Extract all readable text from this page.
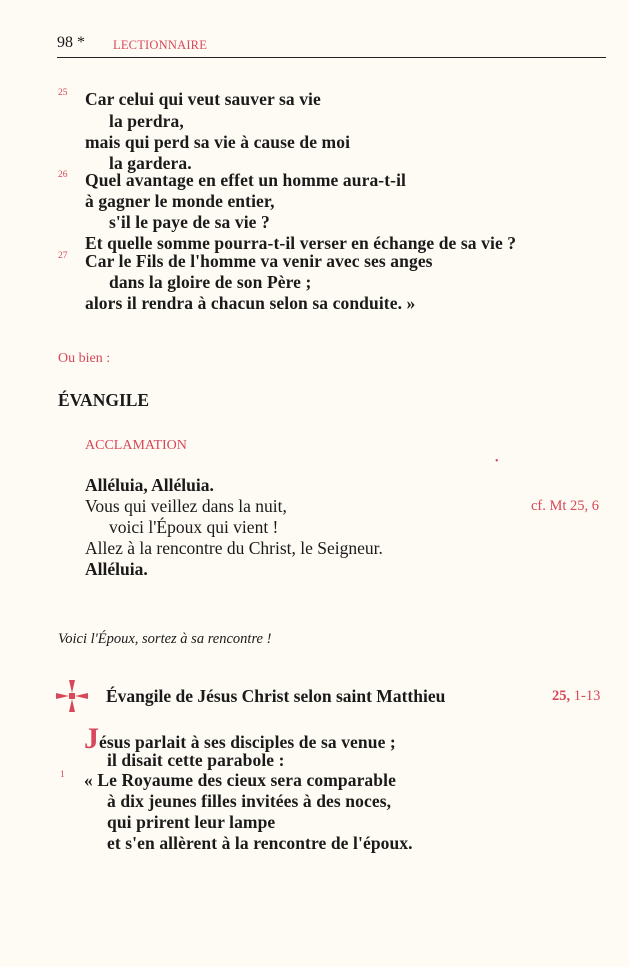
98 * LECTIONNAIRE
25 Car celui qui veut sauver sa vie
la perdra,
mais qui perd sa vie à cause de moi
la gardera.
26 Quel avantage en effet un homme aura-t-il
à gagner le monde entier,
s'il le paye de sa vie ?
Et quelle somme pourra-t-il verser en échange de sa vie ?
27 Car le Fils de l'homme va venir avec ses anges
dans la gloire de son Père ;
alors il rendra à chacun selon sa conduite. »
Ou bien :
ÉVANGILE
ACCLAMATION
•
Alléluia, Alléluia.
Vous qui veillez dans la nuit,	cf. Mt 25, 6
voici l'Époux qui vient !
Allez à la rencontre du Christ, le Seigneur.
Alléluia.
Voici l'Époux, sortez à sa rencontre !
Évangile de Jésus Christ selon saint Matthieu	25, 1-13
Jésus parlait à ses disciples de sa venue ;
il disait cette parabole :
1 « Le Royaume des cieux sera comparable
à dix jeunes filles invitées à des noces,
qui prirent leur lampe
et s'en allèrent à la rencontre de l'époux.
